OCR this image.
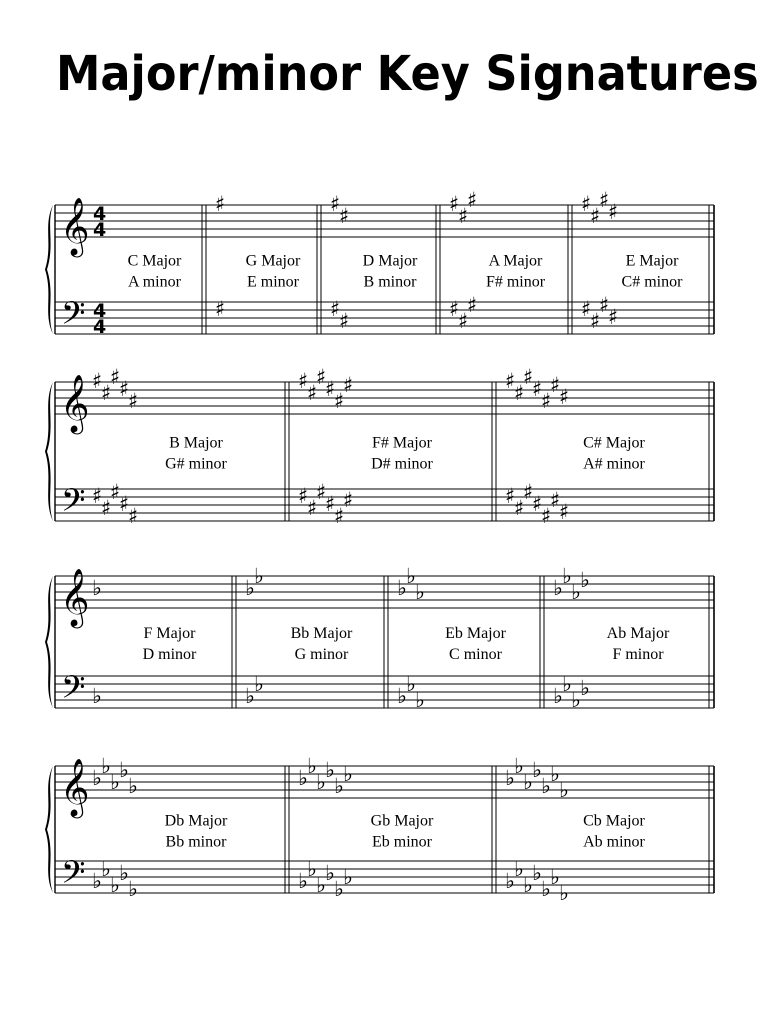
Major/minor Key Signatures
𝄞
𝄢
4
4
4
4
C Major
A minor
♯
♯
G Major
E minor
♯
♯
♯
♯
D Major
B minor
♯
♯
♯
♯
♯
♯
A Major
F# minor
♯
♯
♯
♯
♯
♯
♯
♯
E Major
C# minor
𝄞
𝄢
♯
♯
♯
♯
♯
♯
♯
♯
♯
♯
B Major
G# minor
♯
♯
♯
♯
♯
♯
♯
♯
♯
♯
♯
♯
F# Major
D# minor
♯
♯
♯
♯
♯
♯
♯
♯
♯
♯
♯
♯
♯
♯
C# Major
A# minor
𝄞
𝄢
♭
♭
F Major
D minor
♭
♭
♭
♭
Bb Major
G minor
♭
♭
♭
♭
♭
♭
Eb Major
C minor
♭
♭
♭
♭
♭
♭
♭
♭
Ab Major
F minor
𝄞
𝄢
♭
♭
♭
♭
♭
♭
♭
♭
♭
♭
Db Major
Bb minor
♭
♭
♭
♭
♭
♭
♭
♭
♭
♭
♭
♭
Gb Major
Eb minor
♭
♭
♭
♭
♭
♭
♭
♭
♭
♭
♭
♭
♭
♭
Cb Major
Ab minor
